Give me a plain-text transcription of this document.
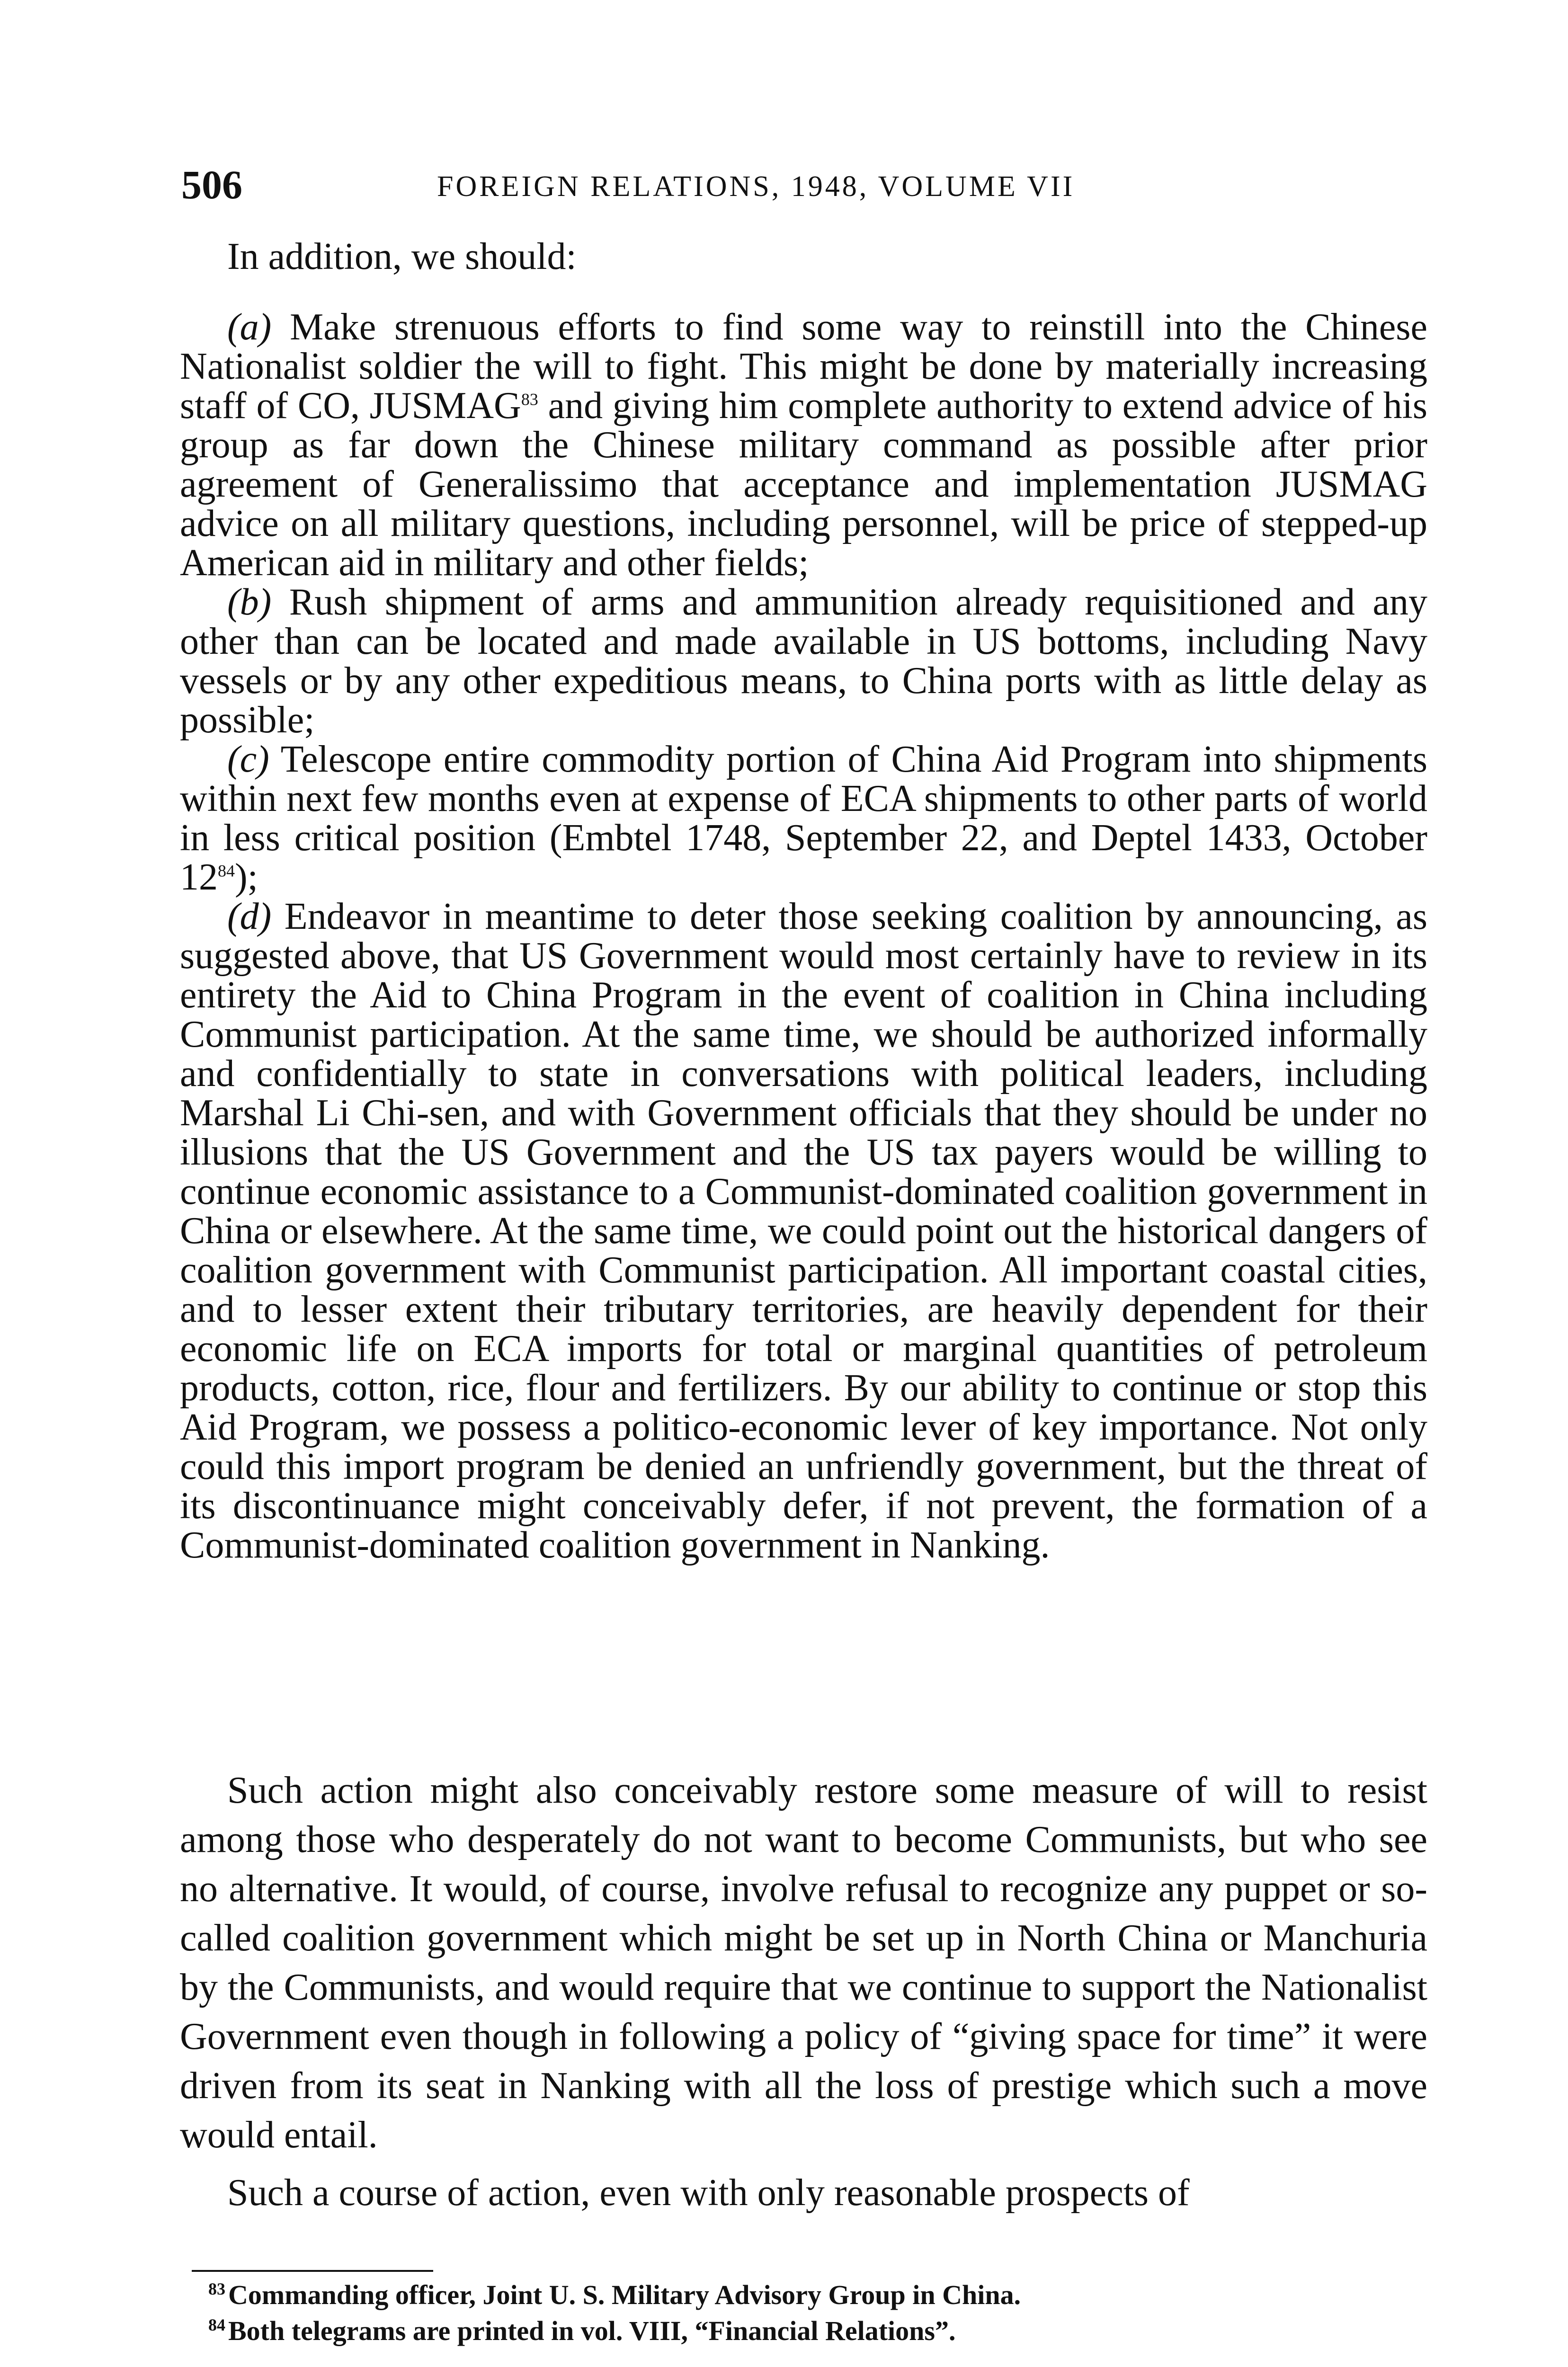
506	FOREIGN RELATIONS, 1948, VOLUME VII
In addition, we should:

(a) Make strenuous efforts to find some way to reinstill into the Chinese Nationalist soldier the will to fight. This might be done by materially increasing staff of CO, JUSMAG$^{83}$ and giving him complete authority to extend advice of his group as far down the Chinese military command as possible after prior agreement of Generalissimo that acceptance and implementation JUSMAG advice on all military questions, including personnel, will be price of stepped-up American aid in military and other fields;

(b) Rush shipment of arms and ammunition already requisitioned and any other than can be located and made available in US bottoms, including Navy vessels or by any other expeditious means, to China ports with as little delay as possible;

(c) Telescope entire commodity portion of China Aid Program into shipments within next few months even at expense of ECA shipments to other parts of world in less critical position (Embtel 1748, September 22, and Deptel 1433, October 12$^{84}$);

(d) Endeavor in meantime to deter those seeking coalition by announcing, as suggested above, that US Government would most certainly have to review in its entirety the Aid to China Program in the event of coalition in China including Communist participation. At the same time, we should be authorized informally and confidentially to state in conversations with political leaders, including Marshal Li Chi-sen, and with Government officials that they should be under no illusions that the US Government and the US tax payers would be willing to continue economic assistance to a Communist-dominated coalition government in China or elsewhere. At the same time, we could point out the historical dangers of coalition government with Communist participation. All important coastal cities, and to lesser extent their tributary territories, are heavily dependent for their economic life on ECA imports for total or marginal quantities of petroleum products, cotton, rice, flour and fertilizers. By our ability to continue or stop this Aid Program, we possess a politico-economic lever of key importance. Not only could this import program be denied an unfriendly government, but the threat of its discontinuance might conceivably defer, if not prevent, the formation of a Communist-dominated coalition government in Nanking.

Such action might also conceivably restore some measure of will to resist among those who desperately do not want to become Communists, but who see no alternative. It would, of course, involve refusal to recognize any puppet or so-called coalition government which might be set up in North China or Manchuria by the Communists, and would require that we continue to support the Nationalist Government even though in following a policy of “giving space for time” it were driven from its seat in Nanking with all the loss of prestige which such a move would entail.

Such a course of action, even with only reasonable prospects of

$^{83}$ Commanding officer, Joint U. S. Military Advisory Group in China.

$^{84}$ Both telegrams are printed in vol. VIII, “Financial Relations”.
